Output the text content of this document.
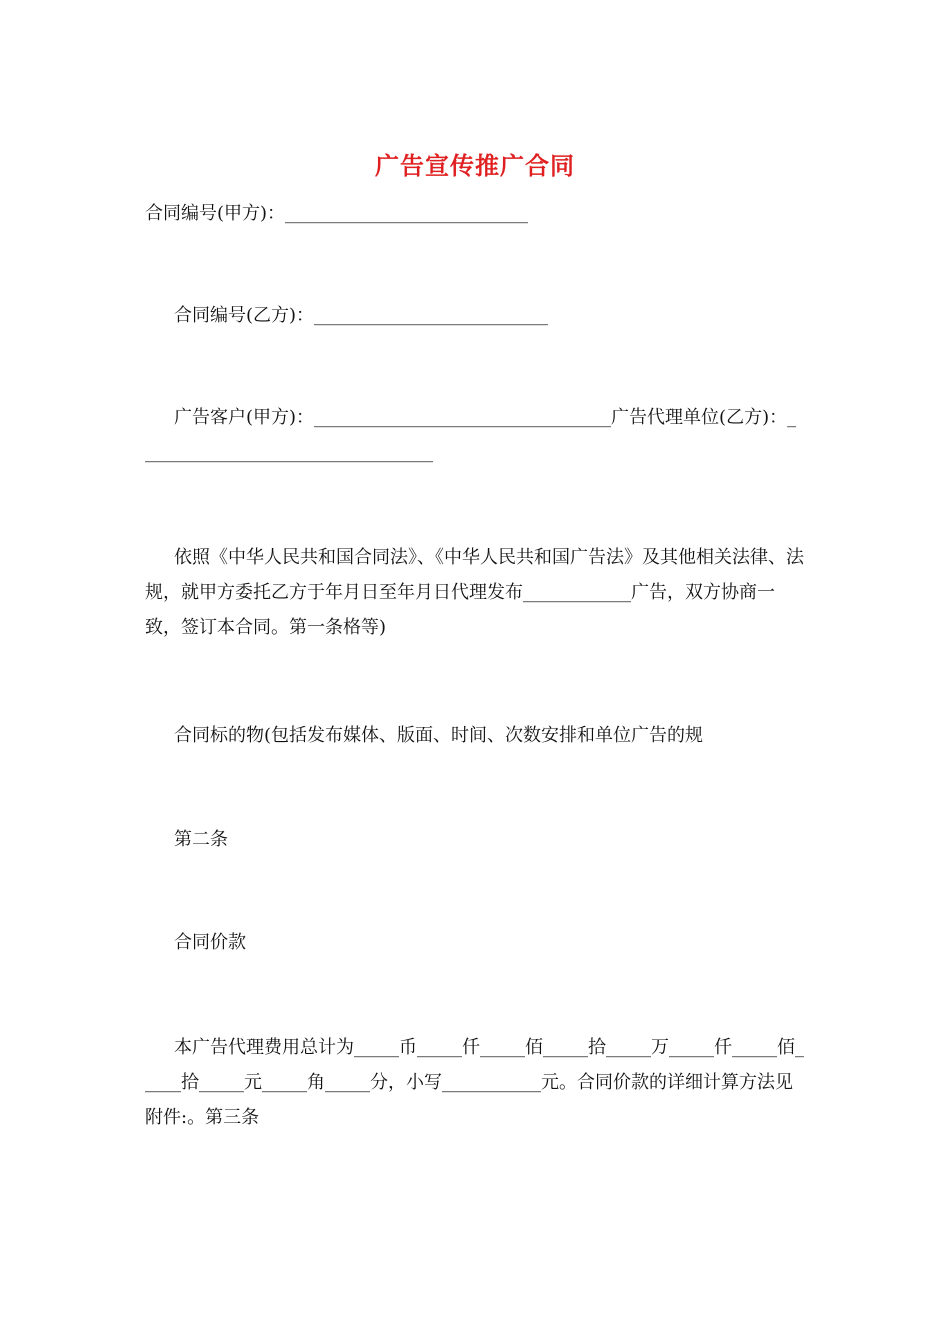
广告宣传推广合同
合同编号(甲方)：___________________________
合同编号(乙方)：__________________________
广告客户(甲方)：_________________________________广告代理单位(乙方)：_________________________________
依照《中华人民共和国合同法》、《中华人民共和国广告法》及其他相关法律、法规，就甲方委托乙方于年月日至年月日代理发布____________广告，双方协商一致，签订本合同。第一条格等)
合同标的物(包括发布媒体、版面、时间、次数安排和单位广告的规
第二条
合同价款
本广告代理费用总计为_____币_____仟_____佰_____拾_____万_____仟_____佰_____拾_____元_____角_____分，小写___________元。合同价款的详细计算方法见附件:。第三条
